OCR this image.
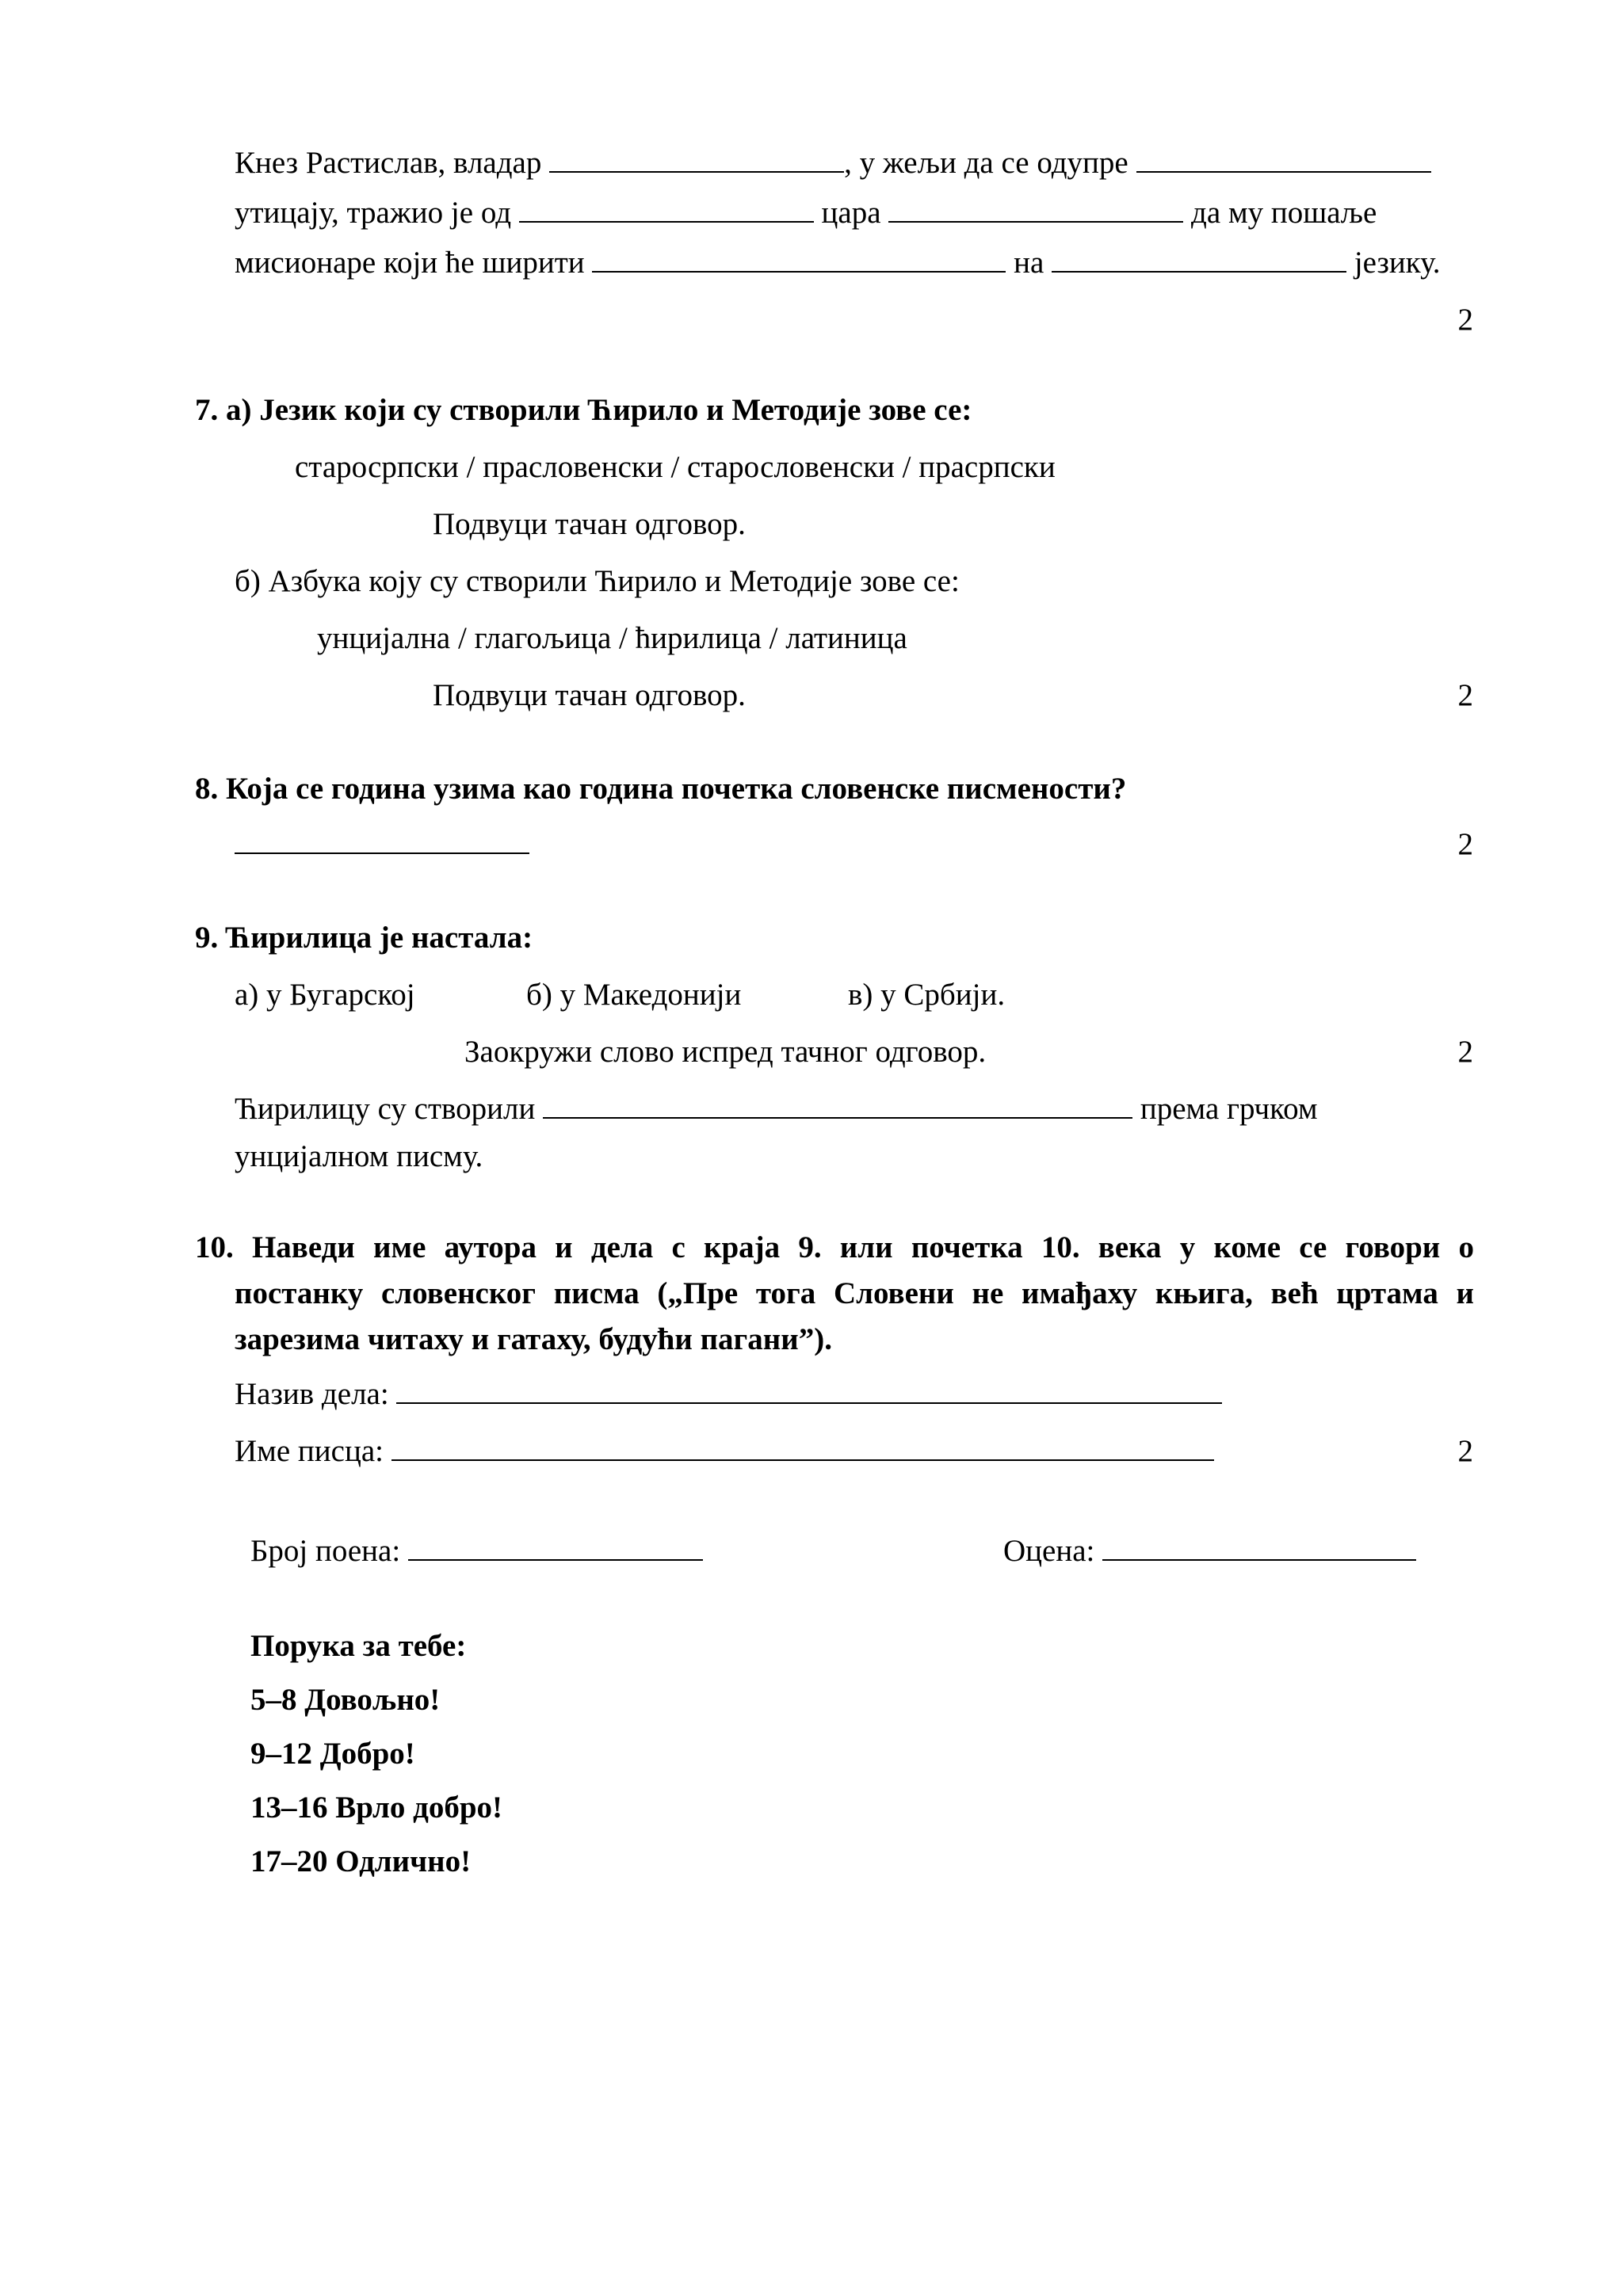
Кнез Растислав, владар	, у жељи да се одупре
утицају, тражио је од	цара	да му пошаље
мисионаре који ће ширити	на	језику.
2
7. а) Језик који су створили Ћирило и Методије зове се:
старосрпски / прасловенски / старословенски / прасрпски
Подвуци тачан одговор.
б) Азбука коју су створили Ћирило и Методије зове се:
унцијална / глагољица / ћирилица / латиница
Подвуци тачан одговор.	2
8. Која се година узима као година почетка словенске писмености?
2
9. Ћирилица је настала:
а) у Бугарској	б) у Македонији	в) у Србији.
Заокружи слово испред тачног одговор.	2
Ћирилицу су створили	према грчком
унцијалном писму.
10. Наведи име аутора и дела с краја 9. или почетка 10. века у коме се говори о
постанку словенског писма („Пре тога Словени не имађаху књига, већ цртама и
зарезима читаху и гатаху, будући пагани”).
Назив дела:
Име писца:	2
Број поена:	Оцена:
Порука за тебе:
5–8 Довољно!
9–12 Добро!
13–16 Врло добро!
17–20 Одлично!
